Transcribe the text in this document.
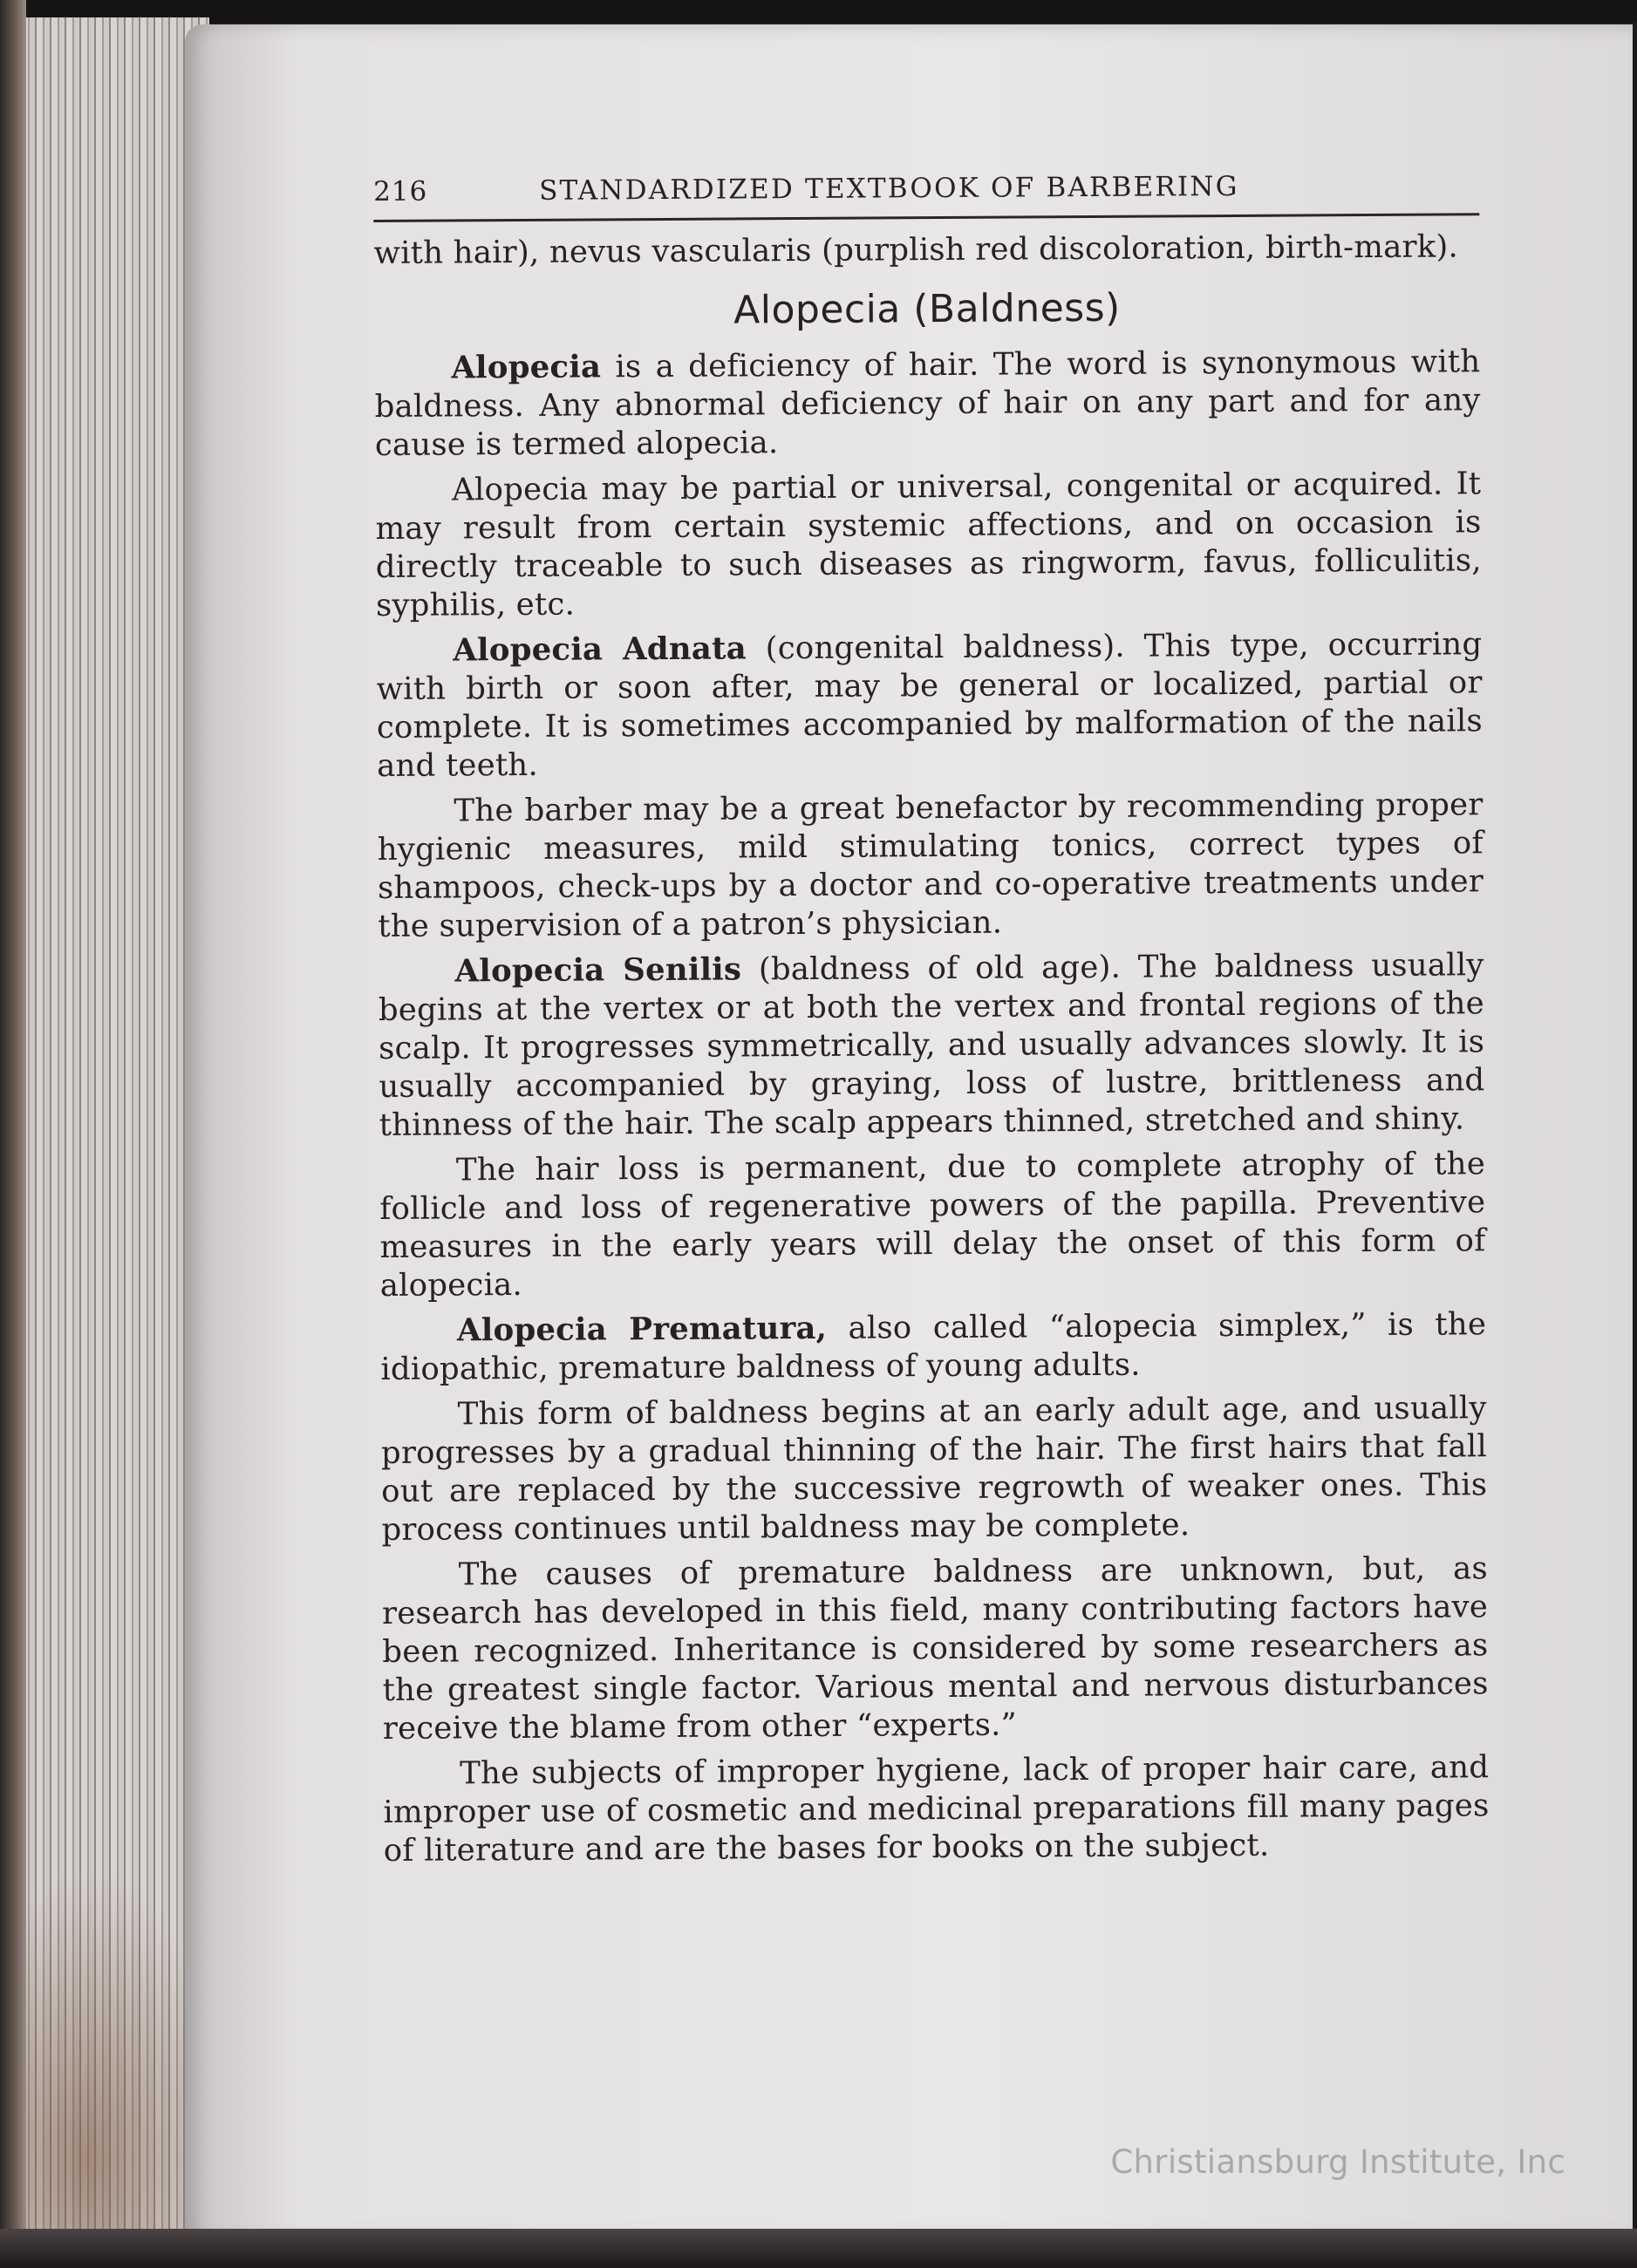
216	STANDARDIZED TEXTBOOK OF BARBERING

with hair), nevus vascularis (purplish red discoloration, birth-mark).

Alopecia (Baldness)

Alopecia is a deficiency of hair. The word is synonymous with baldness. Any abnormal deficiency of hair on any part and for any cause is termed alopecia.

Alopecia may be partial or universal, congenital or acquired. It may result from certain systemic affections, and on occasion is directly traceable to such diseases as ringworm, favus, folliculitis, syphilis, etc.

Alopecia Adnata (congenital baldness). This type, occurring with birth or soon after, may be general or localized, partial or complete. It is sometimes accompanied by malformation of the nails and teeth.

The barber may be a great benefactor by recommending proper hygienic measures, mild stimulating tonics, correct types of shampoos, check-ups by a doctor and co-operative treatments under the supervision of a patron’s physician.

Alopecia Senilis (baldness of old age). The baldness usually begins at the vertex or at both the vertex and frontal regions of the scalp. It progresses symmetrically, and usually advances slowly. It is usually accompanied by graying, loss of lustre, brittleness and thinness of the hair. The scalp appears thinned, stretched and shiny.

The hair loss is permanent, due to complete atrophy of the follicle and loss of regenerative powers of the papilla. Preventive measures in the early years will delay the onset of this form of alopecia.

Alopecia Prematura, also called “alopecia simplex,” is the idiopathic, premature baldness of young adults.

This form of baldness begins at an early adult age, and usually progresses by a gradual thinning of the hair. The first hairs that fall out are replaced by the successive regrowth of weaker ones. This process continues until baldness may be complete.

The causes of premature baldness are unknown, but, as research has developed in this field, many contributing factors have been recognized. Inheritance is considered by some researchers as the greatest single factor. Various mental and nervous disturbances receive the blame from other “experts.”

The subjects of improper hygiene, lack of proper hair care, and improper use of cosmetic and medicinal preparations fill many pages of literature and are the bases for books on the subject.

Christiansburg Institute, Inc
